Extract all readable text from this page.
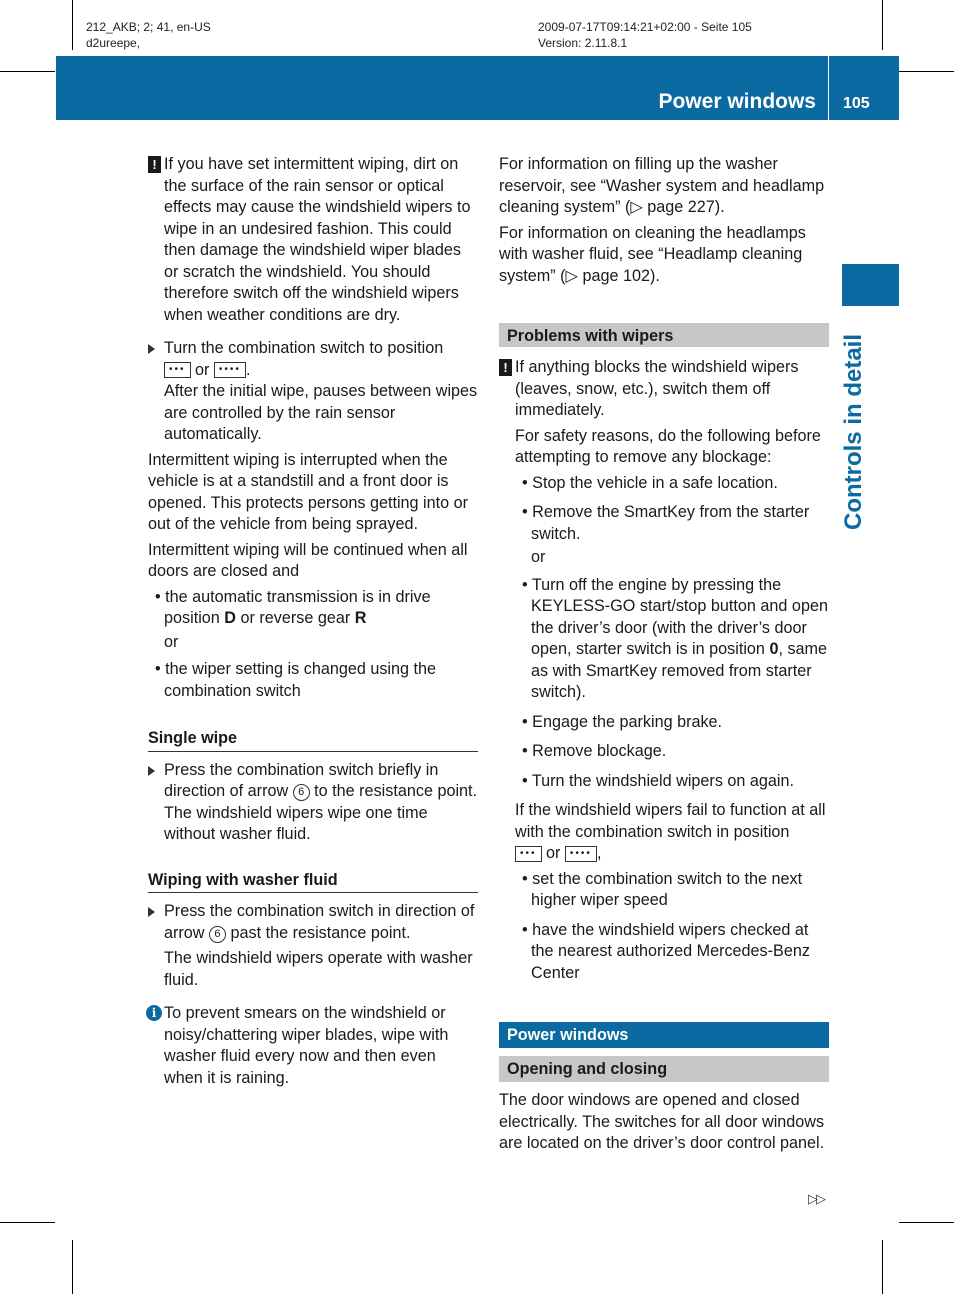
212_AKB; 2; 41, en-US
d2ureepe,
2009-07-17T09:14:21+02:00 - Seite 105
Version: 2.11.8.1
Power windows 105
Controls in detail

! If you have set intermittent wiping, dirt on the surface of the rain sensor or optical effects may cause the windshield wipers to wipe in an undesired fashion. This could then damage the windshield wiper blades or scratch the windshield. You should therefore switch off the windshield wipers when weather conditions are dry.

Turn the combination switch to position
••• or •••• .
After the initial wipe, pauses between wipes are controlled by the rain sensor automatically.

Intermittent wiping is interrupted when the vehicle is at a standstill and a front door is opened. This protects persons getting into or out of the vehicle from being sprayed.

Intermittent wiping will be continued when all doors are closed and

• the automatic transmission is in drive position D or reverse gear R

or

• the wiper setting is changed using the combination switch

Single wipe

Press the combination switch briefly in direction of arrow 6 to the resistance point.
The windshield wipers wipe one time without washer fluid.

Wiping with washer fluid

Press the combination switch in direction of arrow 6 past the resistance point.

The windshield wipers operate with washer fluid.

i To prevent smears on the windshield or noisy/chattering wiper blades, wipe with washer fluid every now and then even when it is raining.

For information on filling up the washer reservoir, see “Washer system and headlamp cleaning system” (▷ page 227).

For information on cleaning the headlamps with washer fluid, see “Headlamp cleaning system” (▷ page 102).

Problems with wipers

! If anything blocks the windshield wipers (leaves, snow, etc.), switch them off immediately.

For safety reasons, do the following before attempting to remove any blockage:

• Stop the vehicle in a safe location.

• Remove the SmartKey from the starter switch.

or

• Turn off the engine by pressing the KEYLESS-GO start/stop button and open the driver’s door (with the driver’s door open, starter switch is in position 0, same as with SmartKey removed from starter switch).

• Engage the parking brake.

• Remove blockage.

• Turn the windshield wipers on again.

If the windshield wipers fail to function at all with the combination switch in position
••• or •••• ,

• set the combination switch to the next higher wiper speed

• have the windshield wipers checked at the nearest authorized Mercedes-Benz Center

Power windows

Opening and closing

The door windows are opened and closed electrically. The switches for all door windows are located on the driver’s door control panel.

▷▷
